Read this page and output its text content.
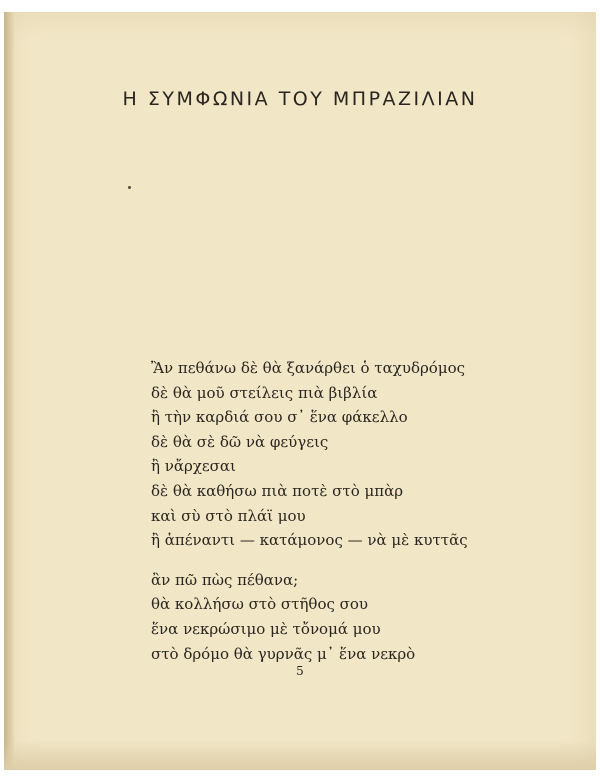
Η ΣΥΜΦΩΝΙΑ ΤΟΥ ΜΠΡΑΖΙΛΙΑΝ
Ἂν πεθάνω δὲ θὰ ξανάρθει ὁ ταχυδρόμος
δὲ θὰ μοῦ στείλεις πιὰ βιβλία
ἢ τὴν καρδιά σου σ᾽ ἕνα φάκελλο
δὲ θὰ σὲ δῶ νὰ φεύγεις
ἢ νἄρχεσαι
δὲ θὰ καθήσω πιὰ ποτὲ στὸ μπὰρ
καὶ σὺ στὸ πλάϊ μου
ἢ ἀπέναντι — κατάμονος — νὰ μὲ κυττᾶς
ἂν πῶ πὼς πέθανα;
θὰ κολλήσω στὸ στῆθος σου
ἕνα νεκρώσιμο μὲ τὄνομά μου
στὸ δρόμο θὰ γυρνᾶς μ᾽ ἕνα νεκρὸ
5
